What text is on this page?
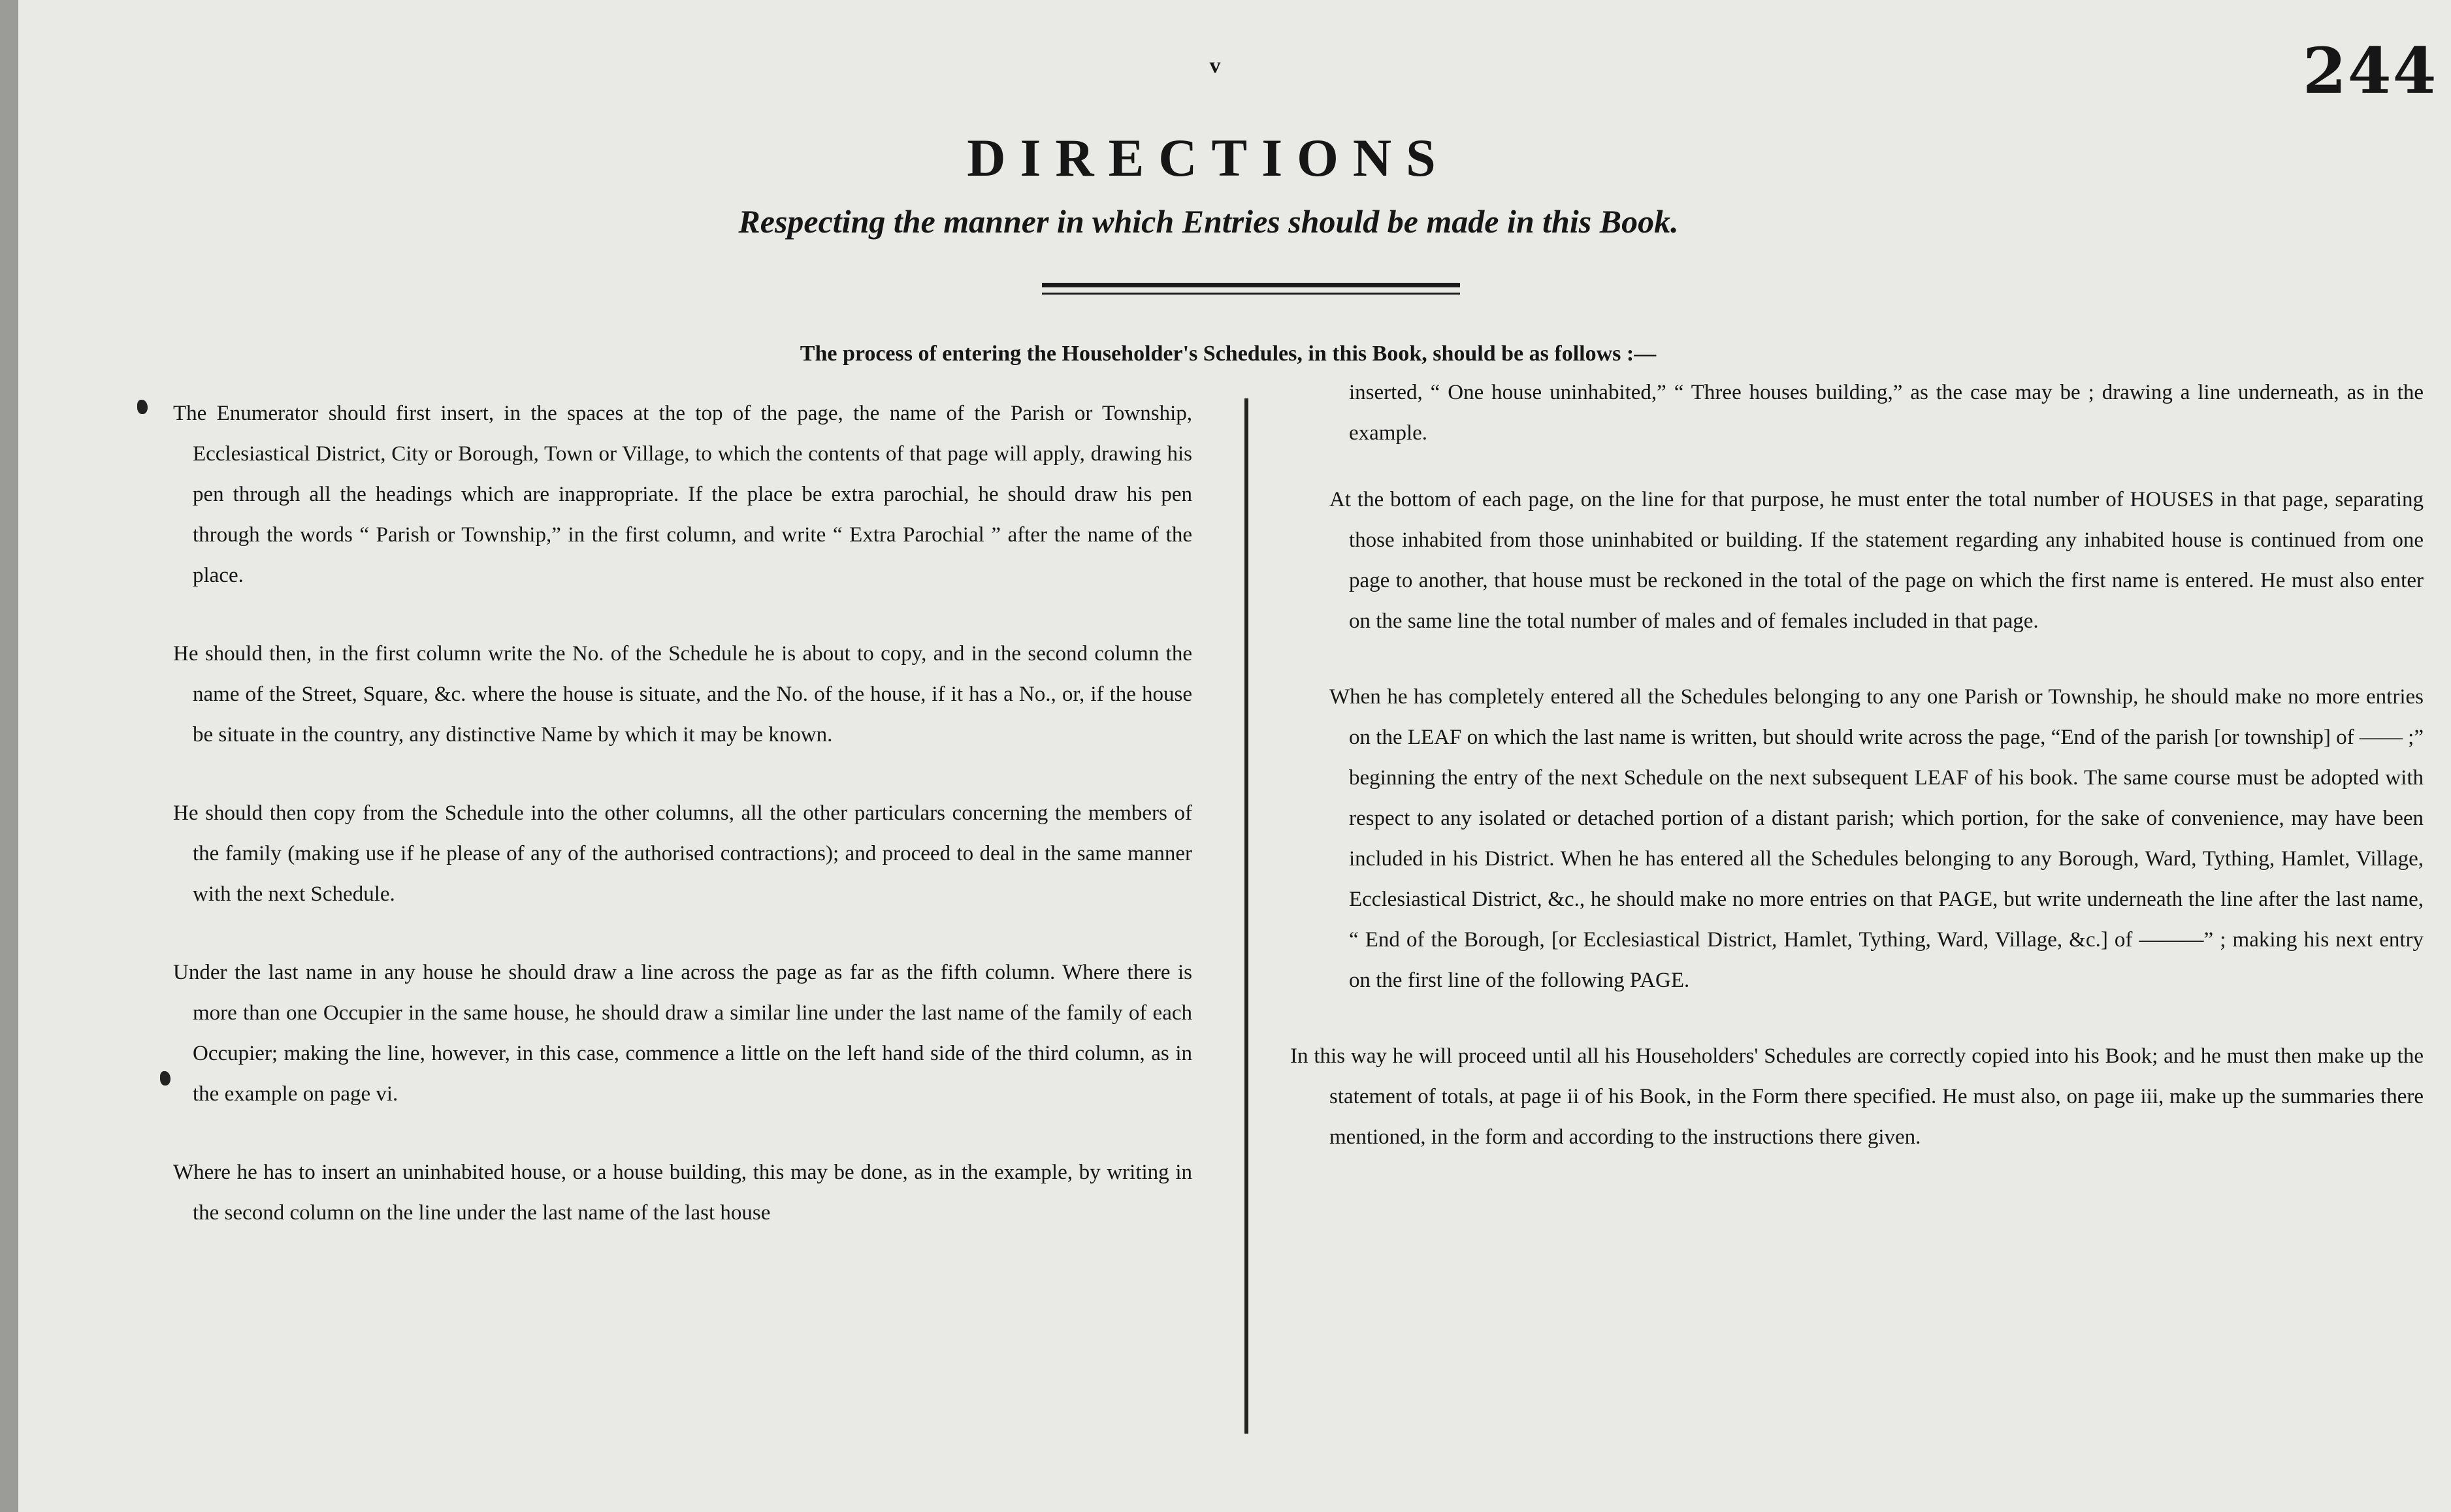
v	244
DIRECTIONS
Respecting the manner in which Entries should be made in this Book.
The process of entering the Householder's Schedules, in this Book, should be as follows :—

The Enumerator should first insert, in the spaces at the top of the page, the name of the Parish or Township, Ecclesiastical District, City or Borough, Town or Village, to which the contents of that page will apply, drawing his pen through all the headings which are inappropriate. If the place be extra parochial, he should draw his pen through the words “ Parish or Township,” in the first column, and write “ Extra Parochial ” after the name of the place.

He should then, in the first column write the No. of the Schedule he is about to copy, and in the second column the name of the Street, Square, &c. where the house is situate, and the No. of the house, if it has a No., or, if the house be situate in the country, any distinctive Name by which it may be known.

He should then copy from the Schedule into the other columns, all the other particulars concerning the members of the family (making use if he please of any of the authorised contractions); and proceed to deal in the same manner with the next Schedule.

Under the last name in any house he should draw a line across the page as far as the fifth column. Where there is more than one Occupier in the same house, he should draw a similar line under the last name of the family of each Occupier; making the line, however, in this case, commence a little on the left hand side of the third column, as in the example on page vi.

Where he has to insert an uninhabited house, or a house building, this may be done, as in the example, by writing in the second column on the line under the last name of the last house

inserted, “ One house uninhabited,” “ Three houses building,” as the case may be ; drawing a line underneath, as in the example.

At the bottom of each page, on the line for that purpose, he must enter the total number of HOUSES in that page, separating those inhabited from those uninhabited or building. If the statement regarding any inhabited house is continued from one page to another, that house must be reckoned in the total of the page on which the first name is entered. He must also enter on the same line the total number of males and of females included in that page.

When he has completely entered all the Schedules belonging to any one Parish or Township, he should make no more entries on the LEAF on which the last name is written, but should write across the page, “End of the parish [or township] of —— ;” beginning the entry of the next Schedule on the next subsequent LEAF of his book. The same course must be adopted with respect to any isolated or detached portion of a distant parish; which portion, for the sake of convenience, may have been included in his District. When he has entered all the Schedules belonging to any Borough, Ward, Tything, Hamlet, Village, Ecclesiastical District, &c., he should make no more entries on that PAGE, but write underneath the line after the last name, “ End of the Borough, [or Ecclesiastical District, Hamlet, Tything, Ward, Village, &c.] of ———” ; making his next entry on the first line of the following PAGE.

In this way he will proceed until all his Householders' Schedules are correctly copied into his Book; and he must then make up the statement of totals, at page ii of his Book, in the Form there specified. He must also, on page iii, make up the summaries there mentioned, in the form and according to the instructions there given.
